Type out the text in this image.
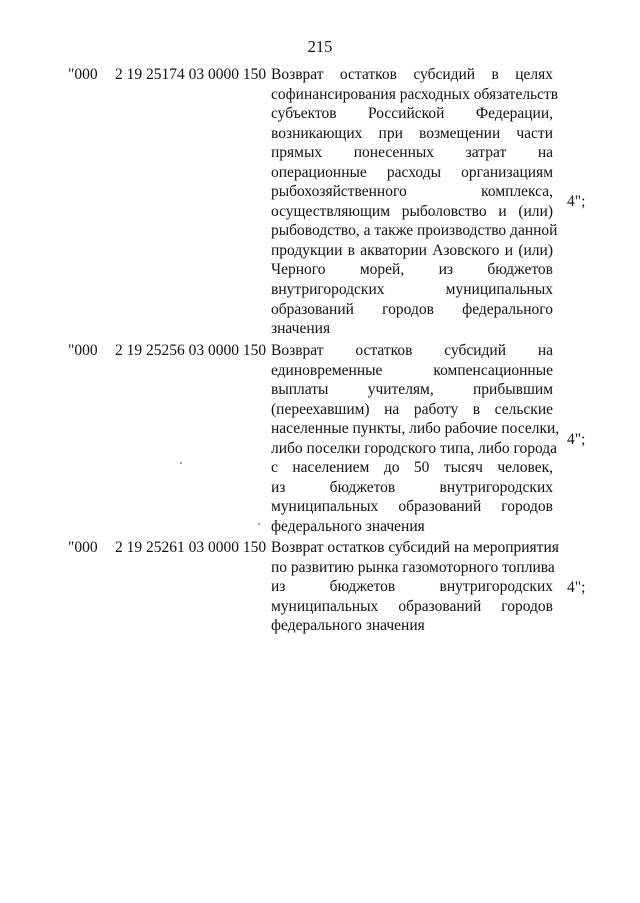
215
"000 2 19 25174 03 0000 150 Возврат остатков субсидий в целях
софинансирования расходных обязательств
субъектов Российской Федерации,
возникающих при возмещении части
прямых понесенных затрат на
операционные расходы организациям
рыбохозяйственного комплекса,
осуществляющим рыболовство и (или)
рыбоводство, а также производство данной
продукции в акватории Азовского и (или)
Черного морей, из бюджетов
внутригородских муниципальных
образований городов федерального
значения
4";
"000 2 19 25256 03 0000 150 Возврат остатков субсидий на
единовременные компенсационные
выплаты учителям, прибывшим
(переехавшим) на работу в сельские
населенные пункты, либо рабочие поселки,
либо поселки городского типа, либо города
с населением до 50 тысяч человек,
из бюджетов внутригородских
муниципальных образований городов
федерального значения
4";
"000 2 19 25261 03 0000 150 Возврат остатков субсидий на мероприятия
по развитию рынка газомоторного топлива
из бюджетов внутригородских
муниципальных образований городов
федерального значения
4";
